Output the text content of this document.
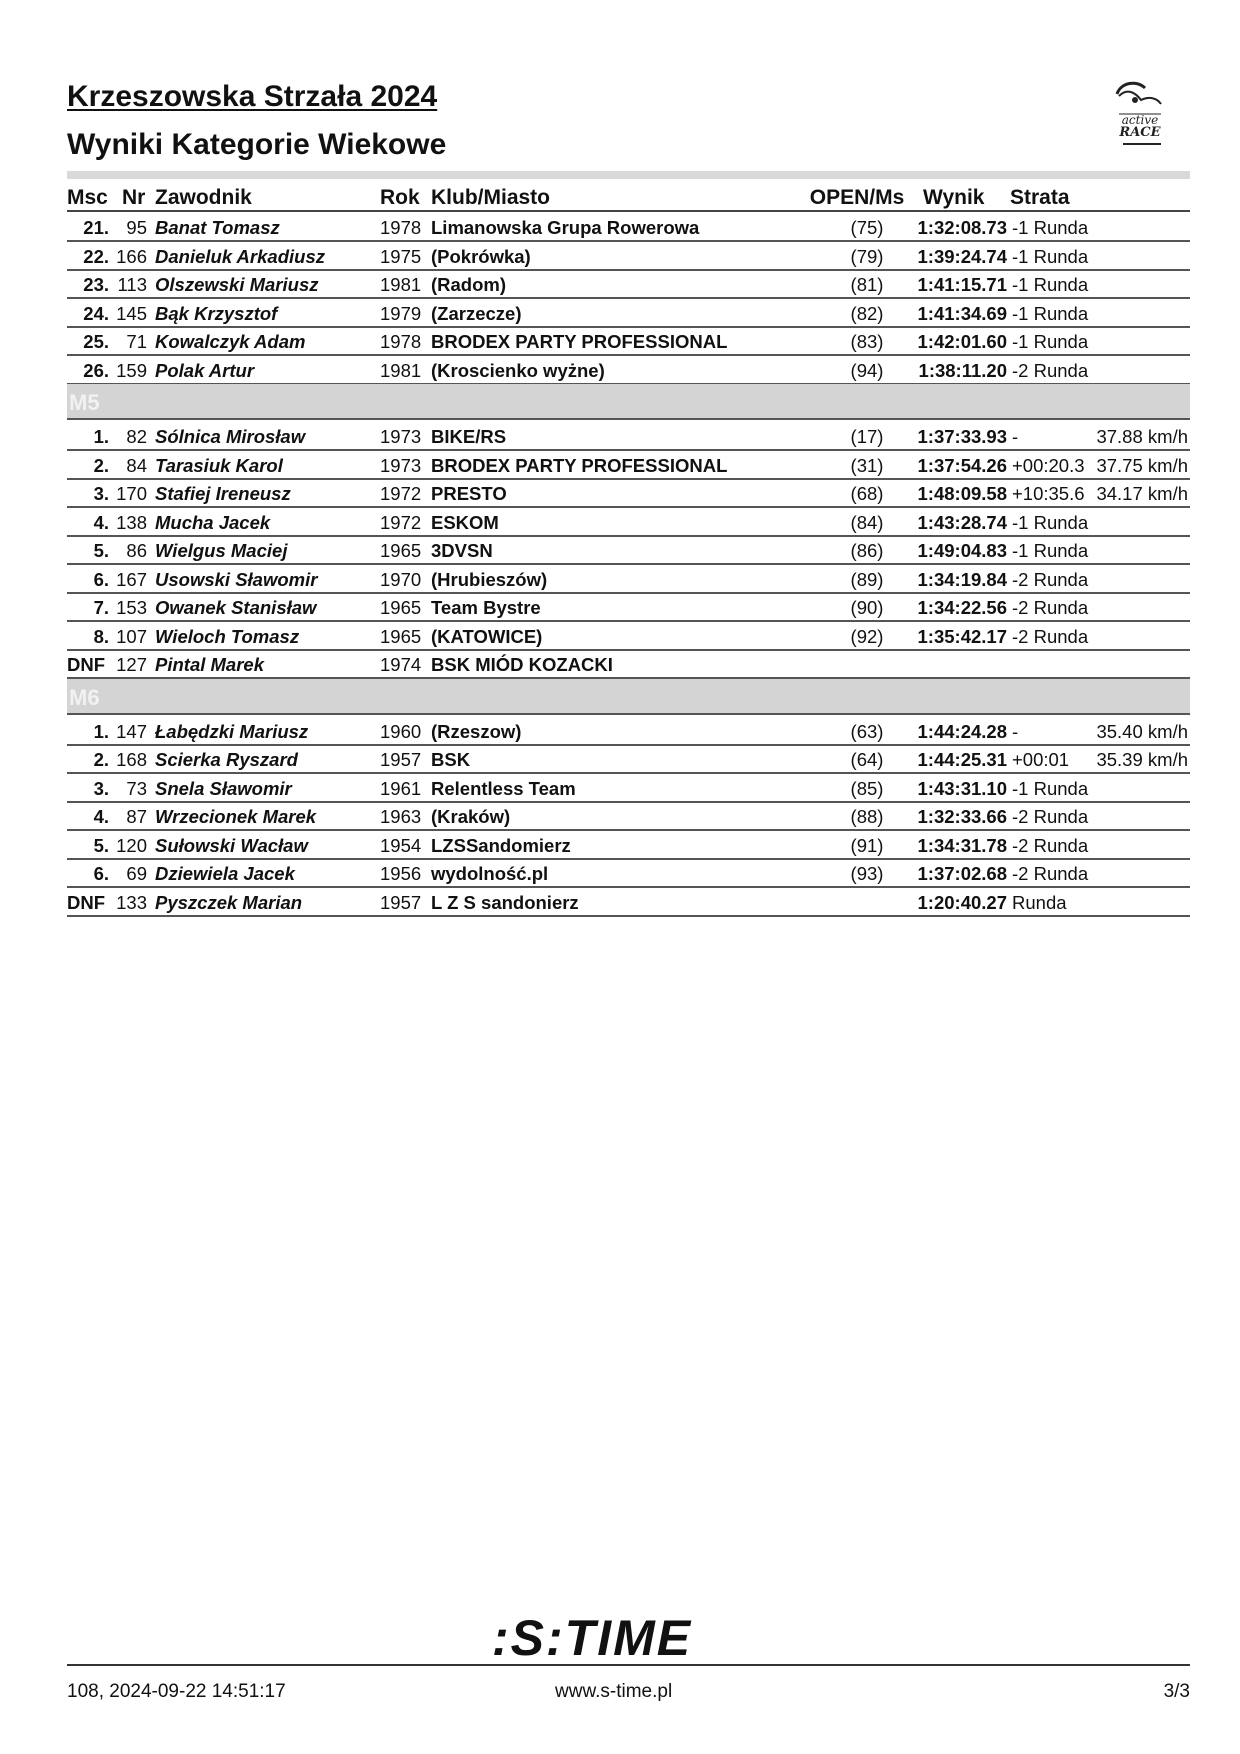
Krzeszowska Strzała 2024
Wyniki Kategorie Wiekowe
active
RACE
Msc Nr Zawodnik	Rok Klub/Miasto	OPEN/Ms Wynik Strata
21. 95 Banat Tomasz	1978 Limanowska Grupa Rowerowa	(75)	1:32:08.73 -1 Runda
22. 166 Danieluk Arkadiusz	1975 (Pokrówka)	(79)	1:39:24.74 -1 Runda
23. 113 Olszewski Mariusz	1981 (Radom)	(81)	1:41:15.71 -1 Runda
24. 145 Bąk Krzysztof	1979 (Zarzecze)	(82)	1:41:34.69 -1 Runda
25. 71 Kowalczyk Adam	1978 BRODEX PARTY PROFESSIONAL	(83)	1:42:01.60 -1 Runda
26. 159 Polak Artur	1981 (Kroscienko wyżne)	(94)	1:38:11.20 -2 Runda
M5
1. 82 Sólnica Mirosław	1973 BIKE/RS	(17)	1:37:33.93 -	37.88 km/h
2. 84 Tarasiuk Karol	1973 BRODEX PARTY PROFESSIONAL	(31)	1:37:54.26 +00:20.3 37.75 km/h
3. 170 Stafiej Ireneusz	1972 PRESTO	(68)	1:48:09.58 +10:35.6 34.17 km/h
4. 138 Mucha Jacek	1972 ESKOM	(84)	1:43:28.74 -1 Runda
5. 86 Wielgus Maciej	1965 3DVSN	(86)	1:49:04.83 -1 Runda
6. 167 Usowski Sławomir	1970 (Hrubieszów)	(89)	1:34:19.84 -2 Runda
7. 153 Owanek Stanisław	1965 Team Bystre	(90)	1:34:22.56 -2 Runda
8. 107 Wieloch Tomasz	1965 (KATOWICE)	(92)	1:35:42.17 -2 Runda
DNF 127 Pintal Marek	1974 BSK MIÓD KOZACKI
M6
1. 147 Łabędzki Mariusz	1960 (Rzeszow)	(63)	1:44:24.28 -	35.40 km/h
2. 168 Scierka Ryszard	1957 BSK	(64)	1:44:25.31 +00:01 35.39 km/h
3. 73 Snela Sławomir	1961 Relentless Team	(85)	1:43:31.10 -1 Runda
4. 87 Wrzecionek Marek	1963 (Kraków)	(88)	1:32:33.66 -2 Runda
5. 120 Sułowski Wacław	1954 LZSSandomierz	(91)	1:34:31.78 -2 Runda
6. 69 Dziewiela Jacek	1956 wydolność.pl	(93)	1:37:02.68 -2 Runda
DNF 133 Pyszczek Marian	1957 L Z S sandonierz	1:20:40.27 Runda
:S:TIME
108, 2024-09-22 14:51:17	www.s-time.pl	3/3
